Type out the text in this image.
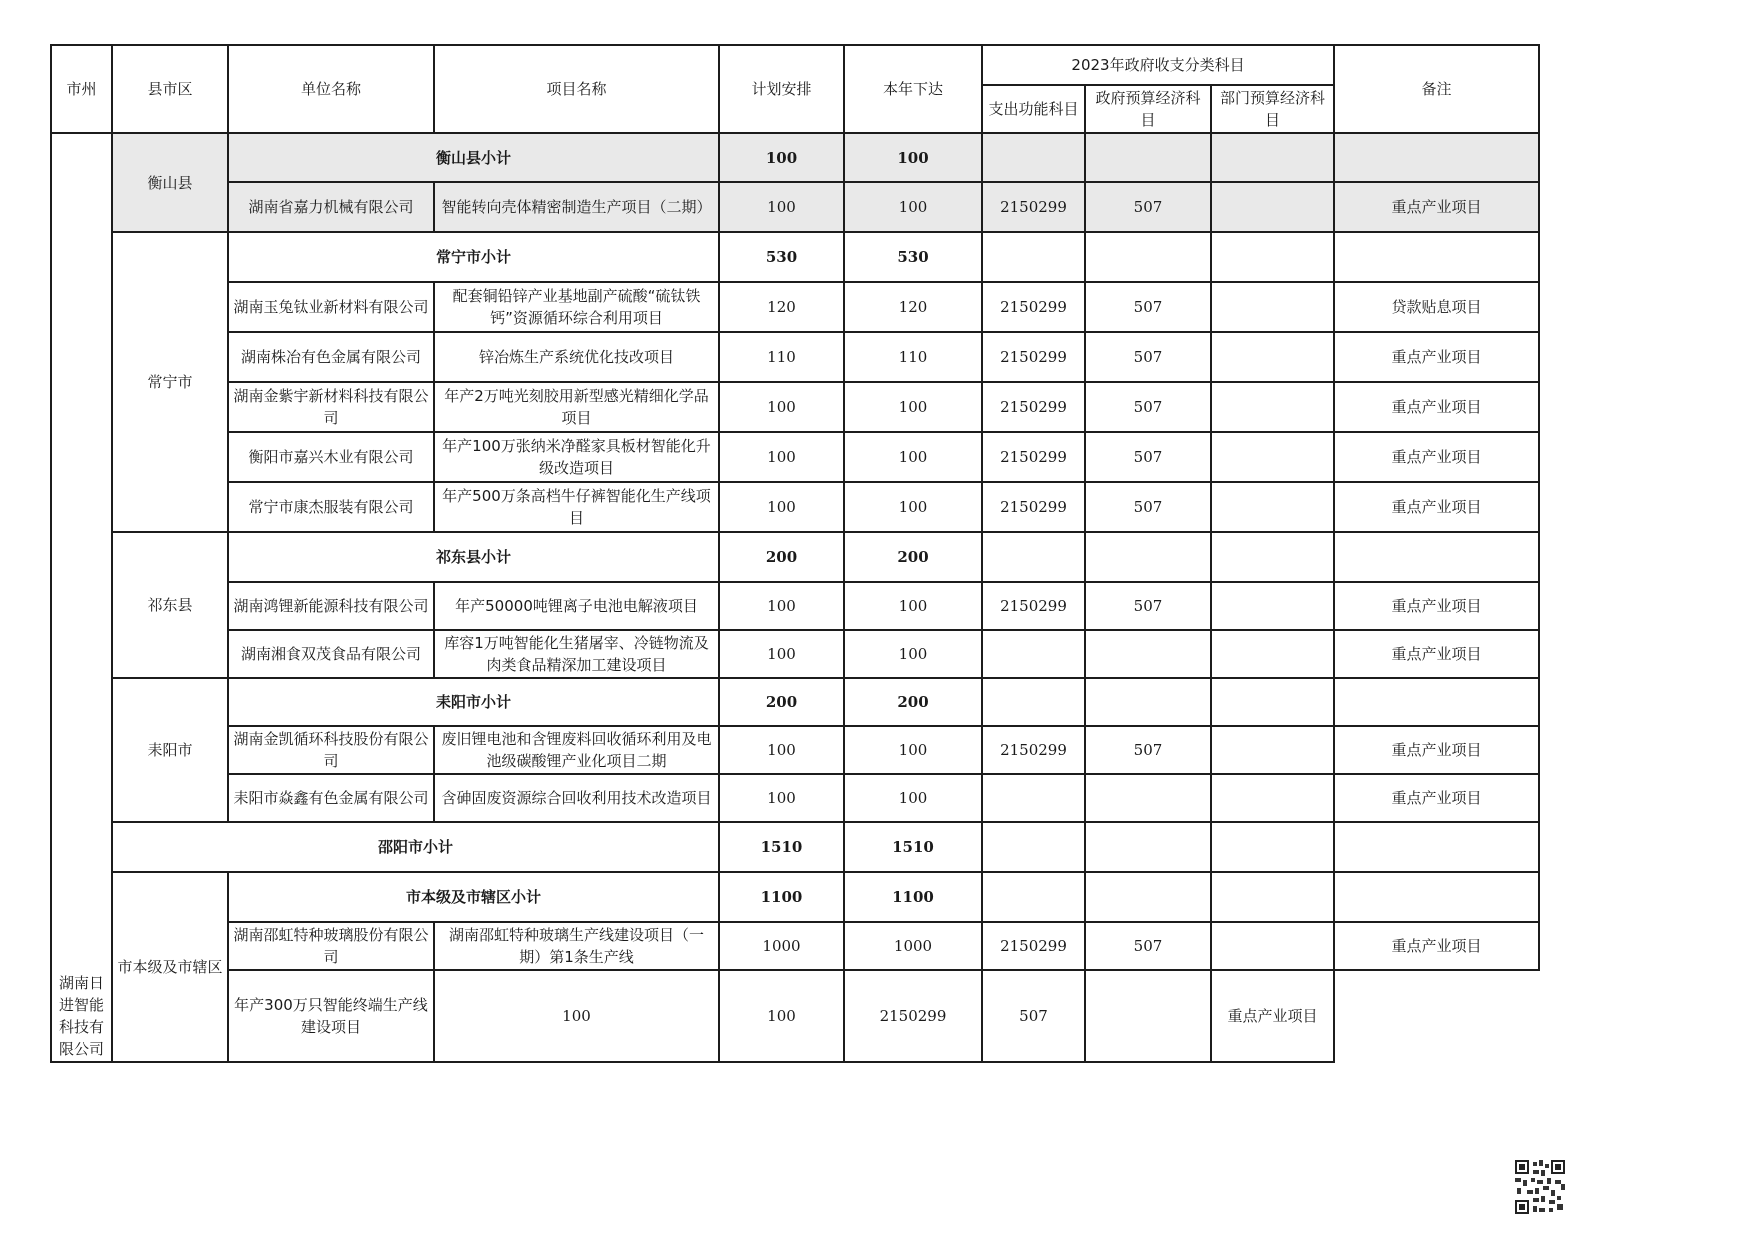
市州	县市区	单位名称	项目名称	计划安排	本年下达	2023年政府收支分类科目			备注
						支出功能科目	政府预算经济科目	部门预算经济科目	
	衡山县	衡山县小计		100	100				
		湖南省嘉力机械有限公司	智能转向壳体精密制造生产项目（二期）	100	100	2150299	507		重点产业项目
	常宁市	常宁市小计		530	530				
		湖南玉兔钛业新材料有限公司	配套铜铅锌产业基地副产硫酸“硫钛铁钙”资源循环综合利用项目	120	120	2150299	507		贷款贴息项目
		湖南株冶有色金属有限公司	锌冶炼生产系统优化技改项目	110	110	2150299	507		重点产业项目
		湖南金紫宇新材料科技有限公司	年产2万吨光刻胶用新型感光精细化学品项目	100	100	2150299	507		重点产业项目
		衡阳市嘉兴木业有限公司	年产100万张纳米净醛家具板材智能化升级改造项目	100	100	2150299	507		重点产业项目
		常宁市康杰服装有限公司	年产500万条高档牛仔裤智能化生产线项目	100	100	2150299	507		重点产业项目
	祁东县	祁东县小计		200	200				
		湖南鸿锂新能源科技有限公司	年产50000吨锂离子电池电解液项目	100	100	2150299	507		重点产业项目
		湖南湘食双茂食品有限公司	库容1万吨智能化生猪屠宰、冷链物流及肉类食品精深加工建设项目	100	100				重点产业项目
	耒阳市	耒阳市小计		200	200				
		湖南金凯循环科技股份有限公司	废旧锂电池和含锂废料回收循环利用及电池级碳酸锂产业化项目二期	100	100	2150299	507		重点产业项目
		耒阳市焱鑫有色金属有限公司	含砷固废资源综合回收利用技术改造项目	100	100				重点产业项目
	邵阳市小计			1510	1510				
	市本级及市辖区	市本级及市辖区小计		1100	1100				
		湖南邵虹特种玻璃股份有限公司	湖南邵虹特种玻璃生产线建设项目（一期）第1条生产线	1000	1000	2150299	507		重点产业项目
湖南日进智能科技有限公司		年产300万只智能终端生产线建设项目	100	100	2150299	507		重点产业项目	
